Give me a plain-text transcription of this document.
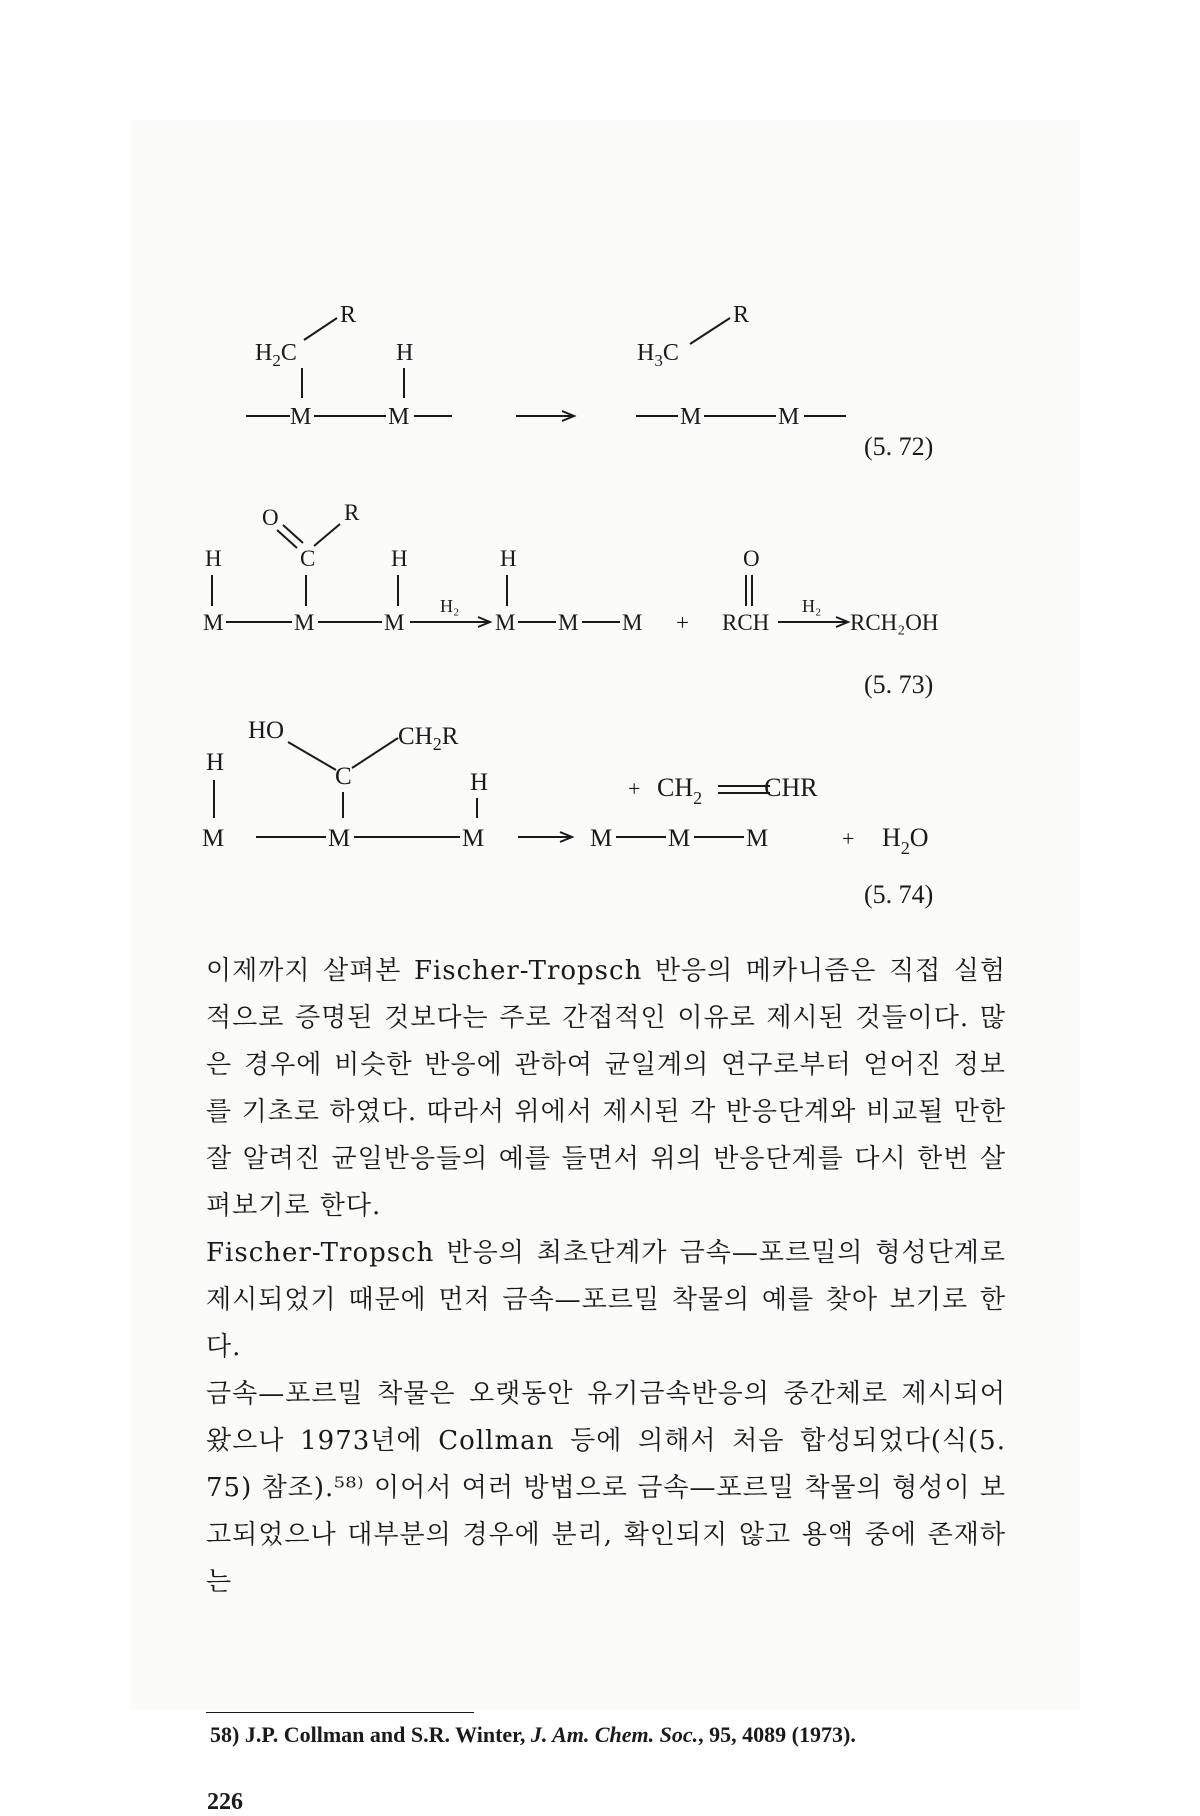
$H_2C$
R
H
M	M
$H_3C$
R
M	M
(5. 72)
O
C
R
H	H	H	O
M	M	M
H₂
M M M + RCH
H₂
RCH₂OH
(5. 73)
HO
C
$CH_2R$
H
H
M	M	M
+ $CH_2$ CHR
M M M	+ $H_2O$
(5. 74)

이제까지 살펴본 Fischer-Tropsch 반응의 메카니즘은 직접 실험적으로 증명된 것보다는 주로 간접적인 이유로 제시된 것들이다. 많은 경우에 비슷한 반응에 관하여 균일계의 연구로부터 얻어진 정보를 기초로 하였다. 따라서 위에서 제시된 각 반응단계와 비교될 만한 잘 알려진 균일반응들의 예를 들면서 위의 반응단계를 다시 한번 살펴보기로 한다.

Fischer-Tropsch 반응의 최초단계가 금속—포르밀의 형성단계로 제시되었기 때문에 먼저 금속—포르밀 착물의 예를 찾아 보기로 한다.

금속—포르밀 착물은 오랫동안 유기금속반응의 중간체로 제시되어 왔으나 1973년에 Collman 등에 의해서 처음 합성되었다(식(5. 75) 참조).⁵⁸⁾ 이어서 여러 방법으로 금속—포르밀 착물의 형성이 보고되었으나 대부분의 경우에 분리, 확인되지 않고 용액 중에 존재하는

58) J.P. Collman and S.R. Winter, J. Am. Chem. Soc., 95, 4089 (1973).
226
